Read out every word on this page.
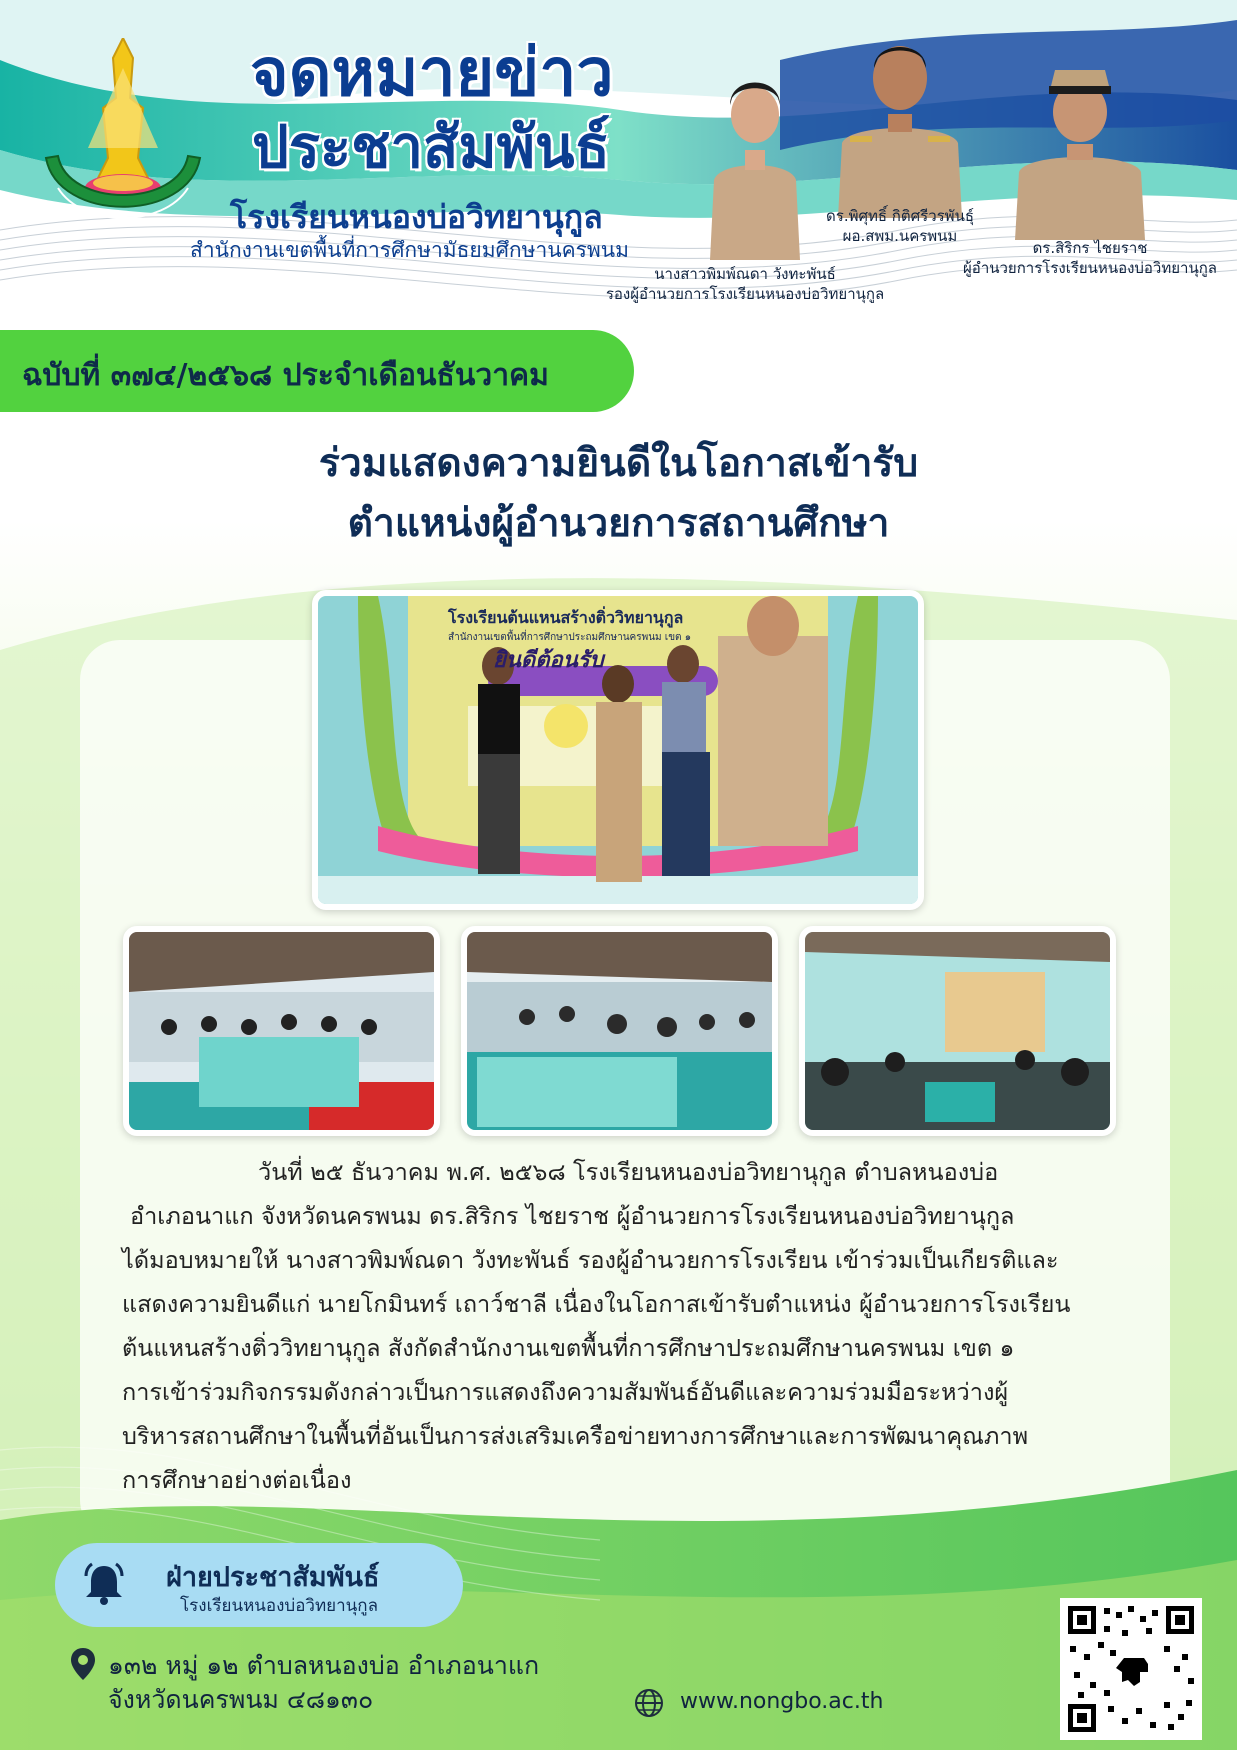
จดหมายข่าว
ประชาสัมพันธ์
โรงเรียนหนองบ่อวิทยานุกูล
สำนักงานเขตพื้นที่การศึกษามัธยมศึกษานครพนม
นางสาวพิมพ์ณดา วังทะพันธ์
รองผู้อำนวยการโรงเรียนหนองบ่อวิทยานุกูล
ดร.พิศุทธิ์ กิติศรีวรพันธุ์
ผอ.สพม.นครพนม
ดร.สิริกร ไชยราช
ผู้อำนวยการโรงเรียนหนองบ่อวิทยานุกูล
ฉบับที่ ๓๗๔/๒๕๖๘ ประจำเดือนธันวาคม
ร่วมแสดงความยินดีในโอกาสเข้ารับ
ตำแหน่งผู้อำนวยการสถานศึกษา
โรงเรียนต้นแหนสร้างติ่ววิทยานุกูล
สำนักงานเขตพื้นที่การศึกษาประถมศึกษานครพนม เขต ๑
ยินดีต้อนรับ
วันที่ ๒๕ ธันวาคม พ.ศ. ๒๕๖๘ โรงเรียนหนองบ่อวิทยานุกูล ตำบลหนองบ่อ
อำเภอนาแก จังหวัดนครพนม ดร.สิริกร ไชยราช ผู้อำนวยการโรงเรียนหนองบ่อวิทยานุกูล
ได้มอบหมายให้ นางสาวพิมพ์ณดา วังทะพันธ์ รองผู้อำนวยการโรงเรียน เข้าร่วมเป็นเกียรติและ
แสดงความยินดีแก่ นายโกมินทร์ เถาว์ชาลี เนื่องในโอกาสเข้ารับตำแหน่ง ผู้อำนวยการโรงเรียน
ต้นแหนสร้างติ่ววิทยานุกูล สังกัดสำนักงานเขตพื้นที่การศึกษาประถมศึกษานครพนม เขต ๑
การเข้าร่วมกิจกรรมดังกล่าวเป็นการแสดงถึงความสัมพันธ์อันดีและความร่วมมือระหว่างผู้
บริหารสถานศึกษาในพื้นที่อันเป็นการส่งเสริมเครือข่ายทางการศึกษาและการพัฒนาคุณภาพ
การศึกษาอย่างต่อเนื่อง
ฝ่ายประชาสัมพันธ์
โรงเรียนหนองบ่อวิทยานุกูล
๑๓๒ หมู่ ๑๒ ตำบลหนองบ่อ อำเภอนาแก
จังหวัดนครพนม ๔๘๑๓๐	www.nongbo.ac.th
